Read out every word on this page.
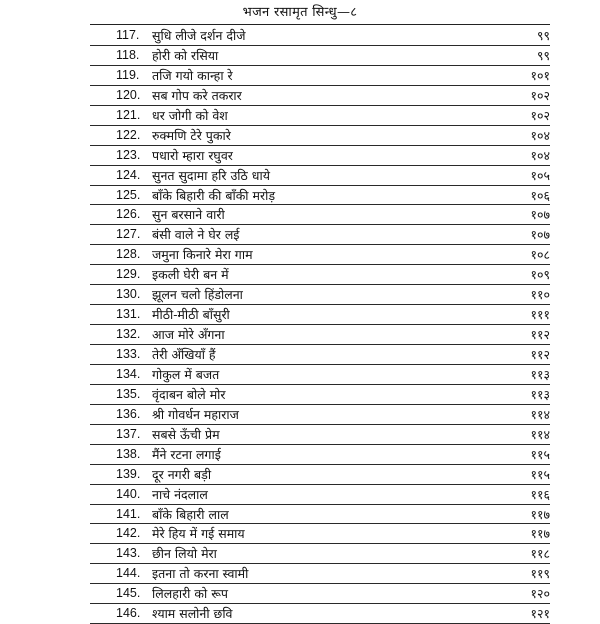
भजन रसामृत सिन्धु—८
117. सुधि लीजे दर्शन दीजे	९९
118. होरी को रसिया	९९
119. तजि गयो कान्हा रे	१०१
120. सब गोप करे तकरार	१०२
121. धर जोगी को वेश	१०२
122. रुक्मणि टेरे पुकारे	१०४
123. पधारो म्हारा रघुवर	१०४
124. सुनत सुदामा हरि उठि धाये	१०५
125. बाँके बिहारी की बाँकी मरोड़	१०६
126. सुन बरसाने वारी	१०७
127. बंसी वाले ने घेर लई	१०७
128. जमुना किनारे मेरा गाम	१०८
129. इकली घेरी बन में	१०९
130. झूलन चलो हिंडोलना	११०
131. मीठी-मीठी बाँसुरी	१११
132. आज मोरे अँगना	११२
133. तेरी अँखियाँ हैं	११२
134. गोकुल में बजत	११३
135. वृंदाबन बोले मोर	११३
136. श्री गोवर्धन महाराज	११४
137. सबसे ऊँची प्रेम	११४
138. मैंने रटना लगाई	११५
139. दूर नगरी बड़ी	११५
140. नाचे नंदलाल	११६
141. बाँके बिहारी लाल	११७
142. मेरे हिय में गई समाय	११७
143. छीन लियो मेरा	११८
144. इतना तो करना स्वामी	११९
145. लिलहारी को रूप	१२०
146. श्याम सलोनी छवि	१२१
